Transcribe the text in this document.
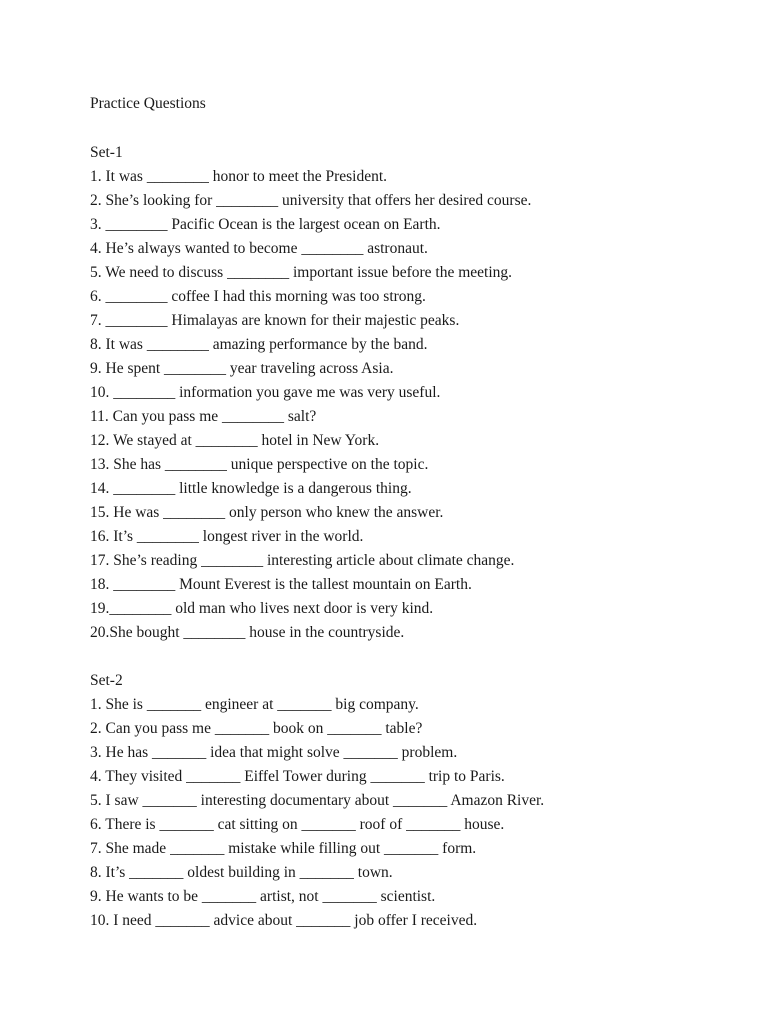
Practice Questions
Set-1
1. It was ________ honor to meet the President.
2. She’s looking for ________ university that offers her desired course.
3. ________ Pacific Ocean is the largest ocean on Earth.
4. He’s always wanted to become ________ astronaut.
5. We need to discuss ________ important issue before the meeting.
6. ________ coffee I had this morning was too strong.
7. ________ Himalayas are known for their majestic peaks.
8. It was ________ amazing performance by the band.
9. He spent ________ year traveling across Asia.
10. ________ information you gave me was very useful.
11. Can you pass me ________ salt?
12. We stayed at ________ hotel in New York.
13. She has ________ unique perspective on the topic.
14. ________ little knowledge is a dangerous thing.
15. He was ________ only person who knew the answer.
16. It’s ________ longest river in the world.
17. She’s reading ________ interesting article about climate change.
18. ________ Mount Everest is the tallest mountain on Earth.
19.________ old man who lives next door is very kind.
20.She bought ________ house in the countryside.
Set-2
1. She is _______ engineer at _______ big company.
2. Can you pass me _______ book on _______ table?
3. He has _______ idea that might solve _______ problem.
4. They visited _______ Eiffel Tower during _______ trip to Paris.
5. I saw _______ interesting documentary about _______ Amazon River.
6. There is _______ cat sitting on _______ roof of _______ house.
7. She made _______ mistake while filling out _______ form.
8. It’s _______ oldest building in _______ town.
9. He wants to be _______ artist, not _______ scientist.
10. I need _______ advice about _______ job offer I received.
